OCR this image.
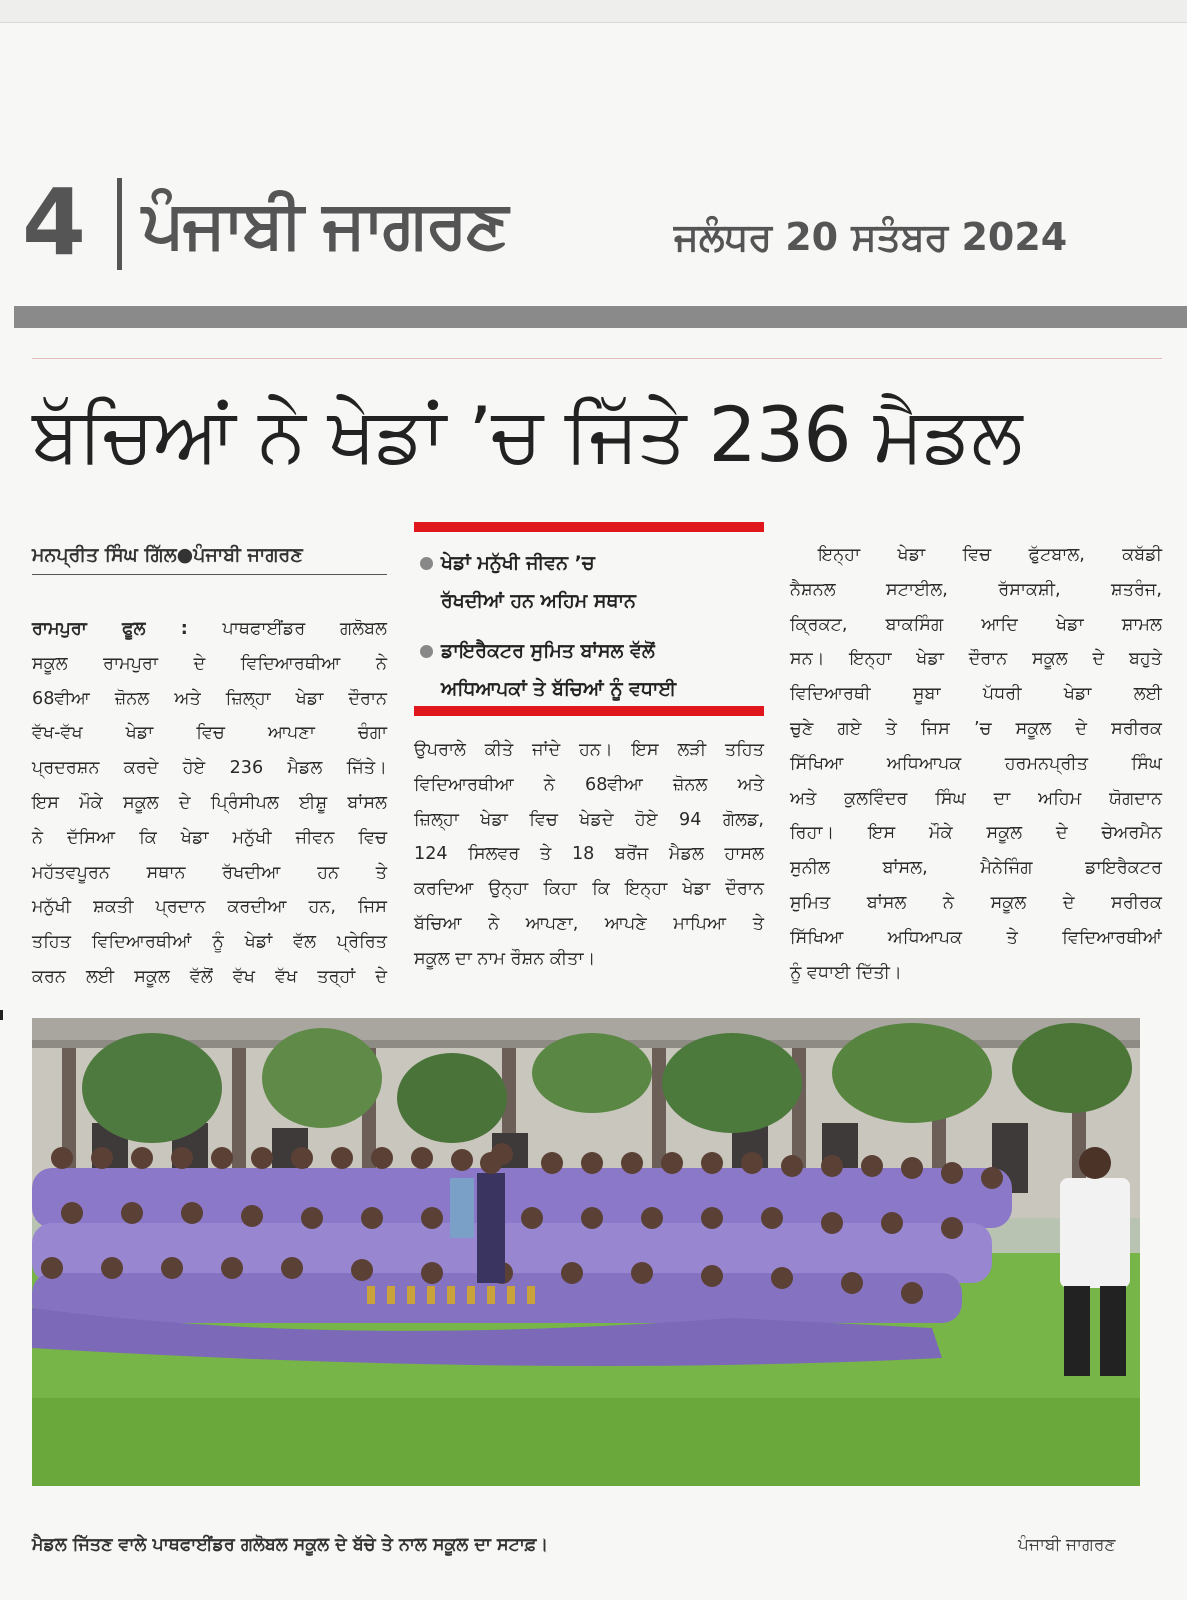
4 ਪੰਜਾਬੀ ਜਾਗਰਣ	ਜਲੰਧਰ 20 ਸਤੰਬਰ 2024
ਬੱਚਿਆਂ ਨੇ ਖੇਡਾਂ ’ਚ ਜਿੱਤੇ 236 ਮੈਡਲ
ਮਨਪ੍ਰੀਤ ਸਿੰਘ ਗਿੱਲ●ਪੰਜਾਬੀ ਜਾਗਰਣ
ਰਾਮਪੁਰਾ ਫੂਲ : ਪਾਥਫਾਈਂਡਰ ਗਲੋਬਲ
ਸਕੂਲ ਰਾਮਪੁਰਾ ਦੇ ਵਿਦਿਆਰਥੀਆ ਨੇ
68ਵੀਆ ਜ਼ੋਨਲ ਅਤੇ ਜ਼ਿਲ੍ਹਾ ਖੇਡਾ ਦੌਰਾਨ
ਵੱਖ-ਵੱਖ ਖੇਡਾ ਵਿਚ ਆਪਣਾ ਚੰਗਾ
ਪ੍ਰਦਰਸ਼ਨ ਕਰਦੇ ਹੋਏ 236 ਮੈਡਲ ਜਿੱਤੇ।
ਇਸ ਮੌਕੇ ਸਕੂਲ ਦੇ ਪ੍ਰਿੰਸੀਪਲ ਈਸ਼ੂ ਬਾਂਸਲ
ਨੇ ਦੱਸਿਆ ਕਿ ਖੇਡਾ ਮਨੁੱਖੀ ਜੀਵਨ ਵਿਚ
ਮਹੱਤਵਪੂਰਨ ਸਥਾਨ ਰੱਖਦੀਆ ਹਨ ਤੇ
ਮਨੁੱਖੀ ਸ਼ਕਤੀ ਪ੍ਰਦਾਨ ਕਰਦੀਆ ਹਨ, ਜਿਸ
ਤਹਿਤ ਵਿਦਿਆਰਥੀਆਂ ਨੂੰ ਖੇਡਾਂ ਵੱਲ ਪ੍ਰੇਰਿਤ
ਕਰਨ ਲਈ ਸਕੂਲ ਵੱਲੋਂ ਵੱਖ ਵੱਖ ਤਰ੍ਹਾਂ ਦੇ
ਖੇਡਾਂ ਮਨੁੱਖੀ ਜੀਵਨ ’ਚ
ਰੱਖਦੀਆਂ ਹਨ ਅਹਿਮ ਸਥਾਨ
ਡਾਇਰੈਕਟਰ ਸੁਮਿਤ ਬਾਂਸਲ ਵੱਲੋਂ
ਅਧਿਆਪਕਾਂ ਤੇ ਬੱਚਿਆਂ ਨੂੰ ਵਧਾਈ
ਉਪਰਾਲੇ ਕੀਤੇ ਜਾਂਦੇ ਹਨ। ਇਸ ਲੜੀ ਤਹਿਤ
ਵਿਦਿਆਰਥੀਆ ਨੇ 68ਵੀਆ ਜ਼ੋਨਲ ਅਤੇ
ਜ਼ਿਲ੍ਹਾ ਖੇਡਾ ਵਿਚ ਖੇਡਦੇ ਹੋਏ 94 ਗੋਲਡ,
124 ਸਿਲਵਰ ਤੇ 18 ਬਰੋਂਜ ਮੈਡਲ ਹਾਸਲ
ਕਰਦਿਆ ਉਨ੍ਹਾ ਕਿਹਾ ਕਿ ਇਨ੍ਹਾ ਖੇਡਾ ਦੌਰਾਨ
ਬੱਚਿਆ ਨੇ ਆਪਣਾ, ਆਪਣੇ ਮਾਪਿਆ ਤੇ
ਸਕੂਲ ਦਾ ਨਾਮ ਰੌਸ਼ਨ ਕੀਤਾ।
ਇਨ੍ਹਾ ਖੇਡਾ ਵਿਚ ਫੁੱਟਬਾਲ, ਕਬੱਡੀ
ਨੈਸ਼ਨਲ ਸਟਾਈਲ, ਰੱਸਾਕਸ਼ੀ, ਸ਼ਤਰੰਜ,
ਕ੍ਰਿਕਟ, ਬਾਕਸਿੰਗ ਆਦਿ ਖੇਡਾ ਸ਼ਾਮਲ
ਸਨ। ਇਨ੍ਹਾ ਖੇਡਾ ਦੌਰਾਨ ਸਕੂਲ ਦੇ ਬਹੁਤੇ
ਵਿਦਿਆਰਥੀ ਸੂਬਾ ਪੱਧਰੀ ਖੇਡਾ ਲਈ
ਚੁਣੇ ਗਏ ਤੇ ਜਿਸ ’ਚ ਸਕੂਲ ਦੇ ਸਰੀਰਕ
ਸਿੱਖਿਆ ਅਧਿਆਪਕ ਹਰਮਨਪ੍ਰੀਤ ਸਿੰਘ
ਅਤੇ ਕੁਲਵਿੰਦਰ ਸਿੰਘ ਦਾ ਅਹਿਮ ਯੋਗਦਾਨ
ਰਿਹਾ। ਇਸ ਮੌਕੇ ਸਕੂਲ ਦੇ ਚੇਅਰਮੈਨ
ਸੁਨੀਲ ਬਾਂਸਲ, ਮੈਨੇਜਿੰਗ ਡਾਇਰੈਕਟਰ
ਸੁਮਿਤ ਬਾਂਸਲ ਨੇ ਸਕੂਲ ਦੇ ਸਰੀਰਕ
ਸਿੱਖਿਆ ਅਧਿਆਪਕ ਤੇ ਵਿਦਿਆਰਥੀਆਂ
ਨੂੰ ਵਧਾਈ ਦਿੱਤੀ।
ਮੈਡਲ ਜਿੱਤਣ ਵਾਲੇ ਪਾਥਫਾਈਂਡਰ ਗਲੋਬਲ ਸਕੂਲ ਦੇ ਬੱਚੇ ਤੇ ਨਾਲ ਸਕੂਲ ਦਾ ਸਟਾਫ਼।	ਪੰਜਾਬੀ ਜਾਗਰਣ
